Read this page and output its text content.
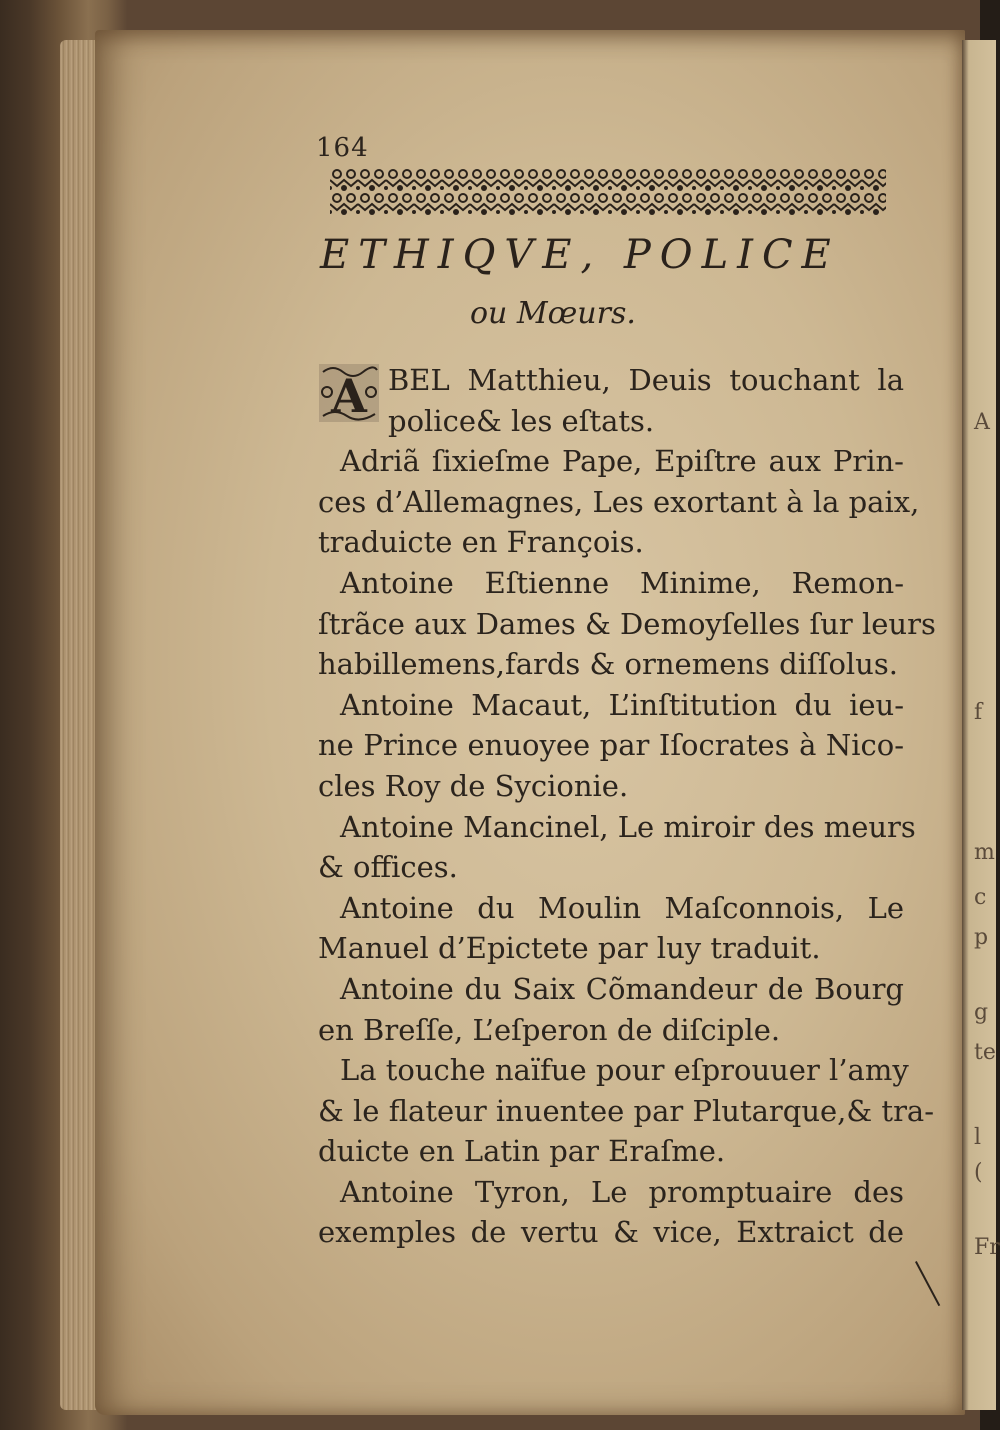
A
f
m
c
p
g
te
l
(
Fr
164
ETHIQVE, POLICE
ou Mœurs.
A BEL Matthieu, Deuis touchant la
police& les eſtats.
Adriã ſixieſme Pape, Epiſtre aux Prin-
ces d’Allemagnes, Les exortant à la paix,
traduicte en François.
Antoine Eſtienne Minime, Remon-
ſtrãce aux Dames & Demoyſelles ſur leurs
habillemens,fards & ornemens diſſolus.
Antoine Macaut, L’inſtitution du ieu-
ne Prince enuoyee par Iſocrates à Nico-
cles Roy de Sycionie.
Antoine Mancinel, Le miroir des meurs
& offices.
Antoine du Moulin Maſconnois, Le
Manuel d’Epictete par luy traduit.
Antoine du Saix Cõmandeur de Bourg
en Breſſe, L’eſperon de diſciple.
La touche naïfue pour eſprouuer l’amy
& le flateur inuentee par Plutarque,& tra-
duicte en Latin par Eraſme.
Antoine Tyron, Le promptuaire des
exemples de vertu & vice, Extraict de
